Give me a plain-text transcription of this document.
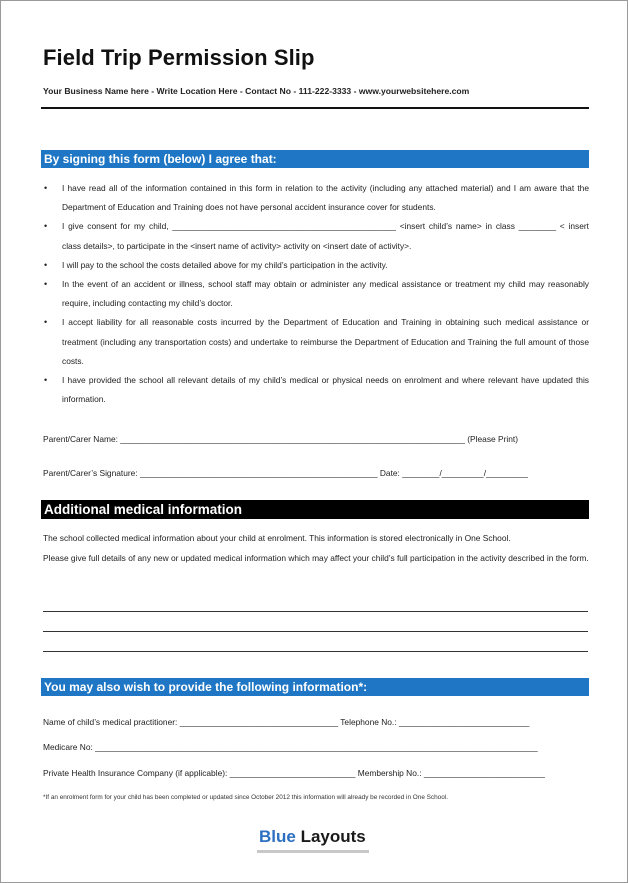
Field Trip Permission Slip
Your Business Name here - Write Location Here - Contact No - 111-222-3333 - www.yourwebsitehere.com
By signing this form (below) I agree that:
• I have read all of the information contained in this form in relation to the activity (including any attached material) and I am aware that the Department of Education and Training does not have personal accident insurance cover for students.
• I give consent for my child, ________________________________________________ <insert child’s name> in class ________ < insert class details>, to participate in the <insert name of activity> activity on <insert date of activity>.
• I will pay to the school the costs detailed above for my child’s participation in the activity.
• In the event of an accident or illness, school staff may obtain or administer any medical assistance or treatment my child may reasonably require, including contacting my child’s doctor.
• I accept liability for all reasonable costs incurred by the Department of Education and Training in obtaining such medical assistance or treatment (including any transportation costs) and undertake to reimburse the Department of Education and Training the full amount of those costs.
• I have provided the school all relevant details of my child’s medical or physical needs on enrolment and where relevant have updated this information.
Parent/Carer Name: __________________________________________________________________________ (Please Print)
Parent/Carer’s Signature: ___________________________________________________ Date: ________/_________/_________
Additional medical information

The school collected medical information about your child at enrolment. This information is stored electronically in One School.

Please give full details of any new or updated medical information which may affect your child’s full participation in the activity described in the form.

You may also wish to provide the following information*:
Name of child’s medical practitioner: __________________________________ Telephone No.: ____________________________
Medicare No: _______________________________________________________________________________________________
Private Health Insurance Company (if applicable): ___________________________ Membership No.: __________________________
*If an enrolment form for your child has been completed or updated since October 2012 this information will already be recorded in One School.
Blue Layouts
